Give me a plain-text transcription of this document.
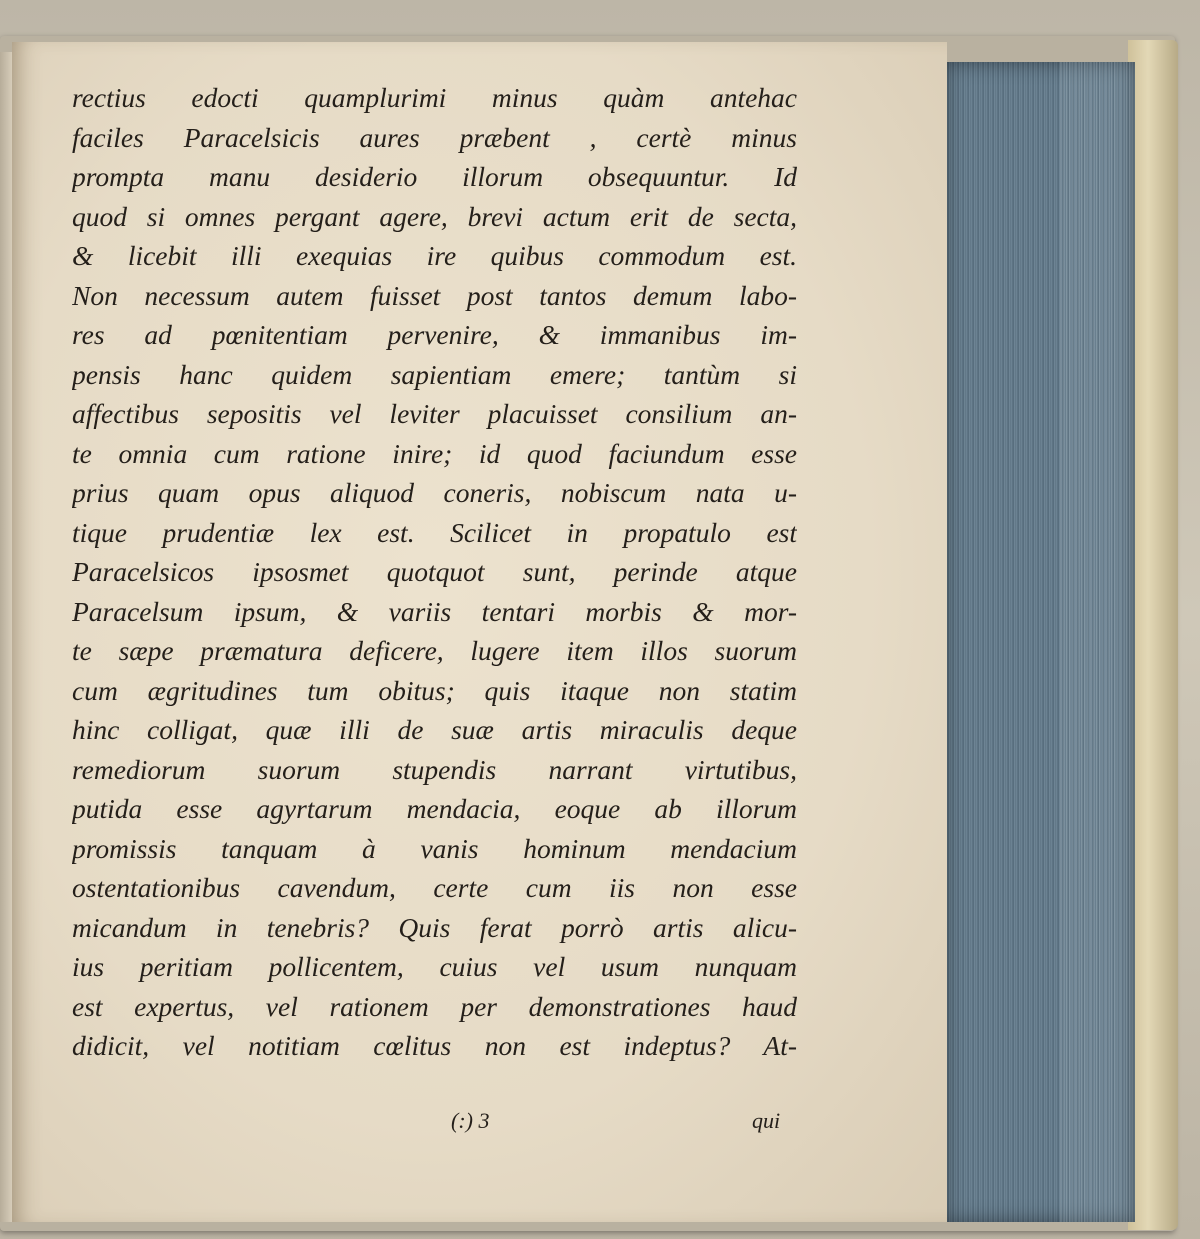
rectius edocti quamplurimi minus quàm antehac
faciles Paracelsicis aures præbent , certè minus
prompta manu desiderio illorum obsequuntur. Id
quod si omnes pergant agere, brevi actum erit de secta,
& licebit illi exequias ire quibus commodum est.
Non necessum autem fuisset post tantos demum labo-
res ad pœnitentiam pervenire, & immanibus im-
pensis hanc quidem sapientiam emere; tantùm si
affectibus sepositis vel leviter placuisset consilium an-
te omnia cum ratione inire; id quod faciundum esse
prius quam opus aliquod coneris, nobiscum nata u-
tique prudentiæ lex est. Scilicet in propatulo est
Paracelsicos ipsosmet quotquot sunt, perinde atque
Paracelsum ipsum, & variis tentari morbis & mor-
te sæpe præmatura deficere, lugere item illos suorum
cum ægritudines tum obitus; quis itaque non statim
hinc colligat, quæ illi de suæ artis miraculis deque
remediorum suorum stupendis narrant virtutibus,
putida esse agyrtarum mendacia, eoque ab illorum
promissis tanquam à vanis hominum mendacium
ostentationibus cavendum, certe cum iis non esse
micandum in tenebris? Quis ferat porrò artis alicu-
ius peritiam pollicentem, cuius vel usum nunquam
est expertus, vel rationem per demonstrationes haud
didicit, vel notitiam cœlitus non est indeptus? At-
(:) 3	qui
